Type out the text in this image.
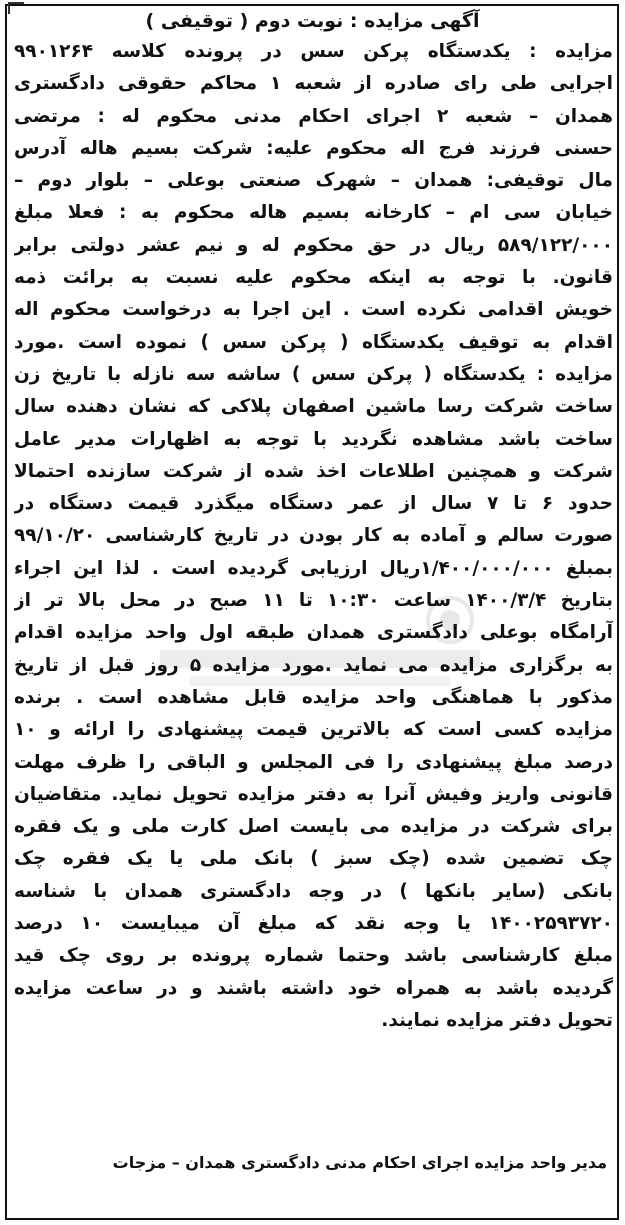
آگهی مزایده : نوبت دوم ( توقیفی )
مزایده : یکدستگاه پرکن سس در پرونده کلاسه ۹۹۰۱۲۶۴
اجرایی طی رای صادره از شعبه ۱ محاکم حقوقی دادگستری
همدان – شعبه ۲ اجرای احکام مدنی محکوم له : مرتضی
حسنی فرزند فرج اله محکوم علیه: شرکت بسیم هاله آدرس
مال توقیفی: همدان – شهرک صنعتی بوعلی – بلوار دوم –
خیابان سی ام – کارخانه بسیم هاله محکوم به : فعلا مبلغ
۵۸۹/۱۲۲/۰۰۰ ریال در حق محکوم له و نیم عشر دولتی برابر
قانون. با توجه به اینکه محکوم علیه نسبت به برائت ذمه
خویش اقدامی نکرده است . این اجرا به درخواست محکوم اله
اقدام به توقیف یکدستگاه ( پرکن سس ) نموده است .مورد
مزایده : یکدستگاه ( پرکن سس ) ساشه سه نازله با تاریخ زن
ساخت شرکت رسا ماشین اصفهان پلاکی که نشان دهنده سال
ساخت باشد مشاهده نگردید با توجه به اظهارات مدیر عامل
شرکت و همچنین اطلاعات اخذ شده از شرکت سازنده احتمالا
حدود ۶ تا ۷ سال از عمر دستگاه میگذرد قیمت دستگاه در
صورت سالم و آماده به کار بودن در تاریخ کارشناسی ۹۹/۱۰/۲۰
بمبلغ ۱/۴۰۰/۰۰۰/۰۰۰ریال ارزیابی گردیده است . لذا این اجراء
بتاریخ ۱۴۰۰/۳/۴ ساعت ۱۰:۳۰ تا ۱۱ صبح در محل بالا تر از
آرامگاه بوعلی دادگستری همدان طبقه اول واحد مزایده اقدام
به برگزاری مزایده می نماید .مورد مزایده ۵ روز قبل از تاریخ
مذکور با هماهنگی واحد مزایده قابل مشاهده است . برنده
مزایده کسی است که بالاترین قیمت پیشنهادی را ارائه و ۱۰
درصد مبلغ پیشنهادی را فی المجلس و الباقی را ظرف مهلت
قانونی واریز وفیش آنرا به دفتر مزایده تحویل نماید. متقاضیان
برای شرکت در مزایده می بایست اصل کارت ملی و یک فقره
چک تضمین شده (چک سبز ) بانک ملی یا یک فقره چک
بانکی (سایر بانکها ) در وجه دادگستری همدان با شناسه
۱۴۰۰۲۵۹۳۷۲۰ یا وجه نقد که مبلغ آن میبایست ۱۰ درصد
مبلغ کارشناسی باشد وحتما شماره پرونده بر روی چک قید
گردیده باشد به همراه خود داشته باشند و در ساعت مزایده
تحویل دفتر مزایده نمایند.
مدیر واحد مزایده اجرای احکام مدنی دادگستری همدان – مزجات
